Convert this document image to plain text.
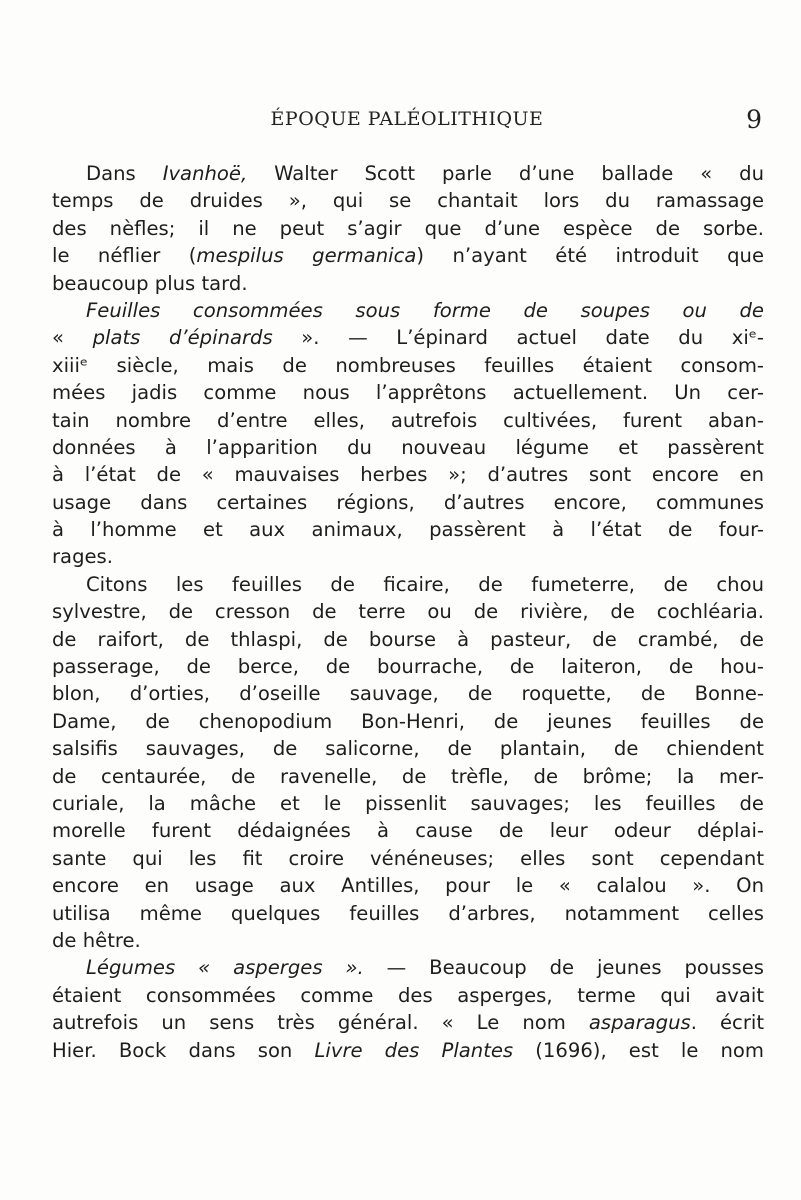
ÉPOQUE PALÉOLITHIQUE	9
Dans Ivanhoë, Walter Scott parle d’une ballade « du
temps de druides », qui se chantait lors du ramassage
des nèfles; il ne peut s’agir que d’une espèce de sorbe.
le néflier (mespilus germanica) n’ayant été introduit que
beaucoup plus tard.
Feuilles consommées sous forme de soupes ou de
« plats d’épinards ». — L’épinard actuel date du xiᵉ-
xiiiᵉ siècle, mais de nombreuses feuilles étaient consom-
mées jadis comme nous l’apprêtons actuellement. Un cer-
tain nombre d’entre elles, autrefois cultivées, furent aban-
données à l’apparition du nouveau légume et passèrent
à l’état de « mauvaises herbes »; d’autres sont encore en
usage dans certaines régions, d’autres encore, communes
à l’homme et aux animaux, passèrent à l’état de four-
rages.
Citons les feuilles de ficaire, de fumeterre, de chou
sylvestre, de cresson de terre ou de rivière, de cochléaria.
de raifort, de thlaspi, de bourse à pasteur, de crambé, de
passerage, de berce, de bourrache, de laiteron, de hou-
blon, d’orties, d’oseille sauvage, de roquette, de Bonne-
Dame, de chenopodium Bon-Henri, de jeunes feuilles de
salsifis sauvages, de salicorne, de plantain, de chiendent
de centaurée, de ravenelle, de trèfle, de brôme; la mer-
curiale, la mâche et le pissenlit sauvages; les feuilles de
morelle furent dédaignées à cause de leur odeur déplai-
sante qui les fit croire vénéneuses; elles sont cependant
encore en usage aux Antilles, pour le « calalou ». On
utilisa même quelques feuilles d’arbres, notamment celles
de hêtre.
Légumes « asperges ». — Beaucoup de jeunes pousses
étaient consommées comme des asperges, terme qui avait
autrefois un sens très général. « Le nom asparagus. écrit
Hier. Bock dans son Livre des Plantes (1696), est le nom
